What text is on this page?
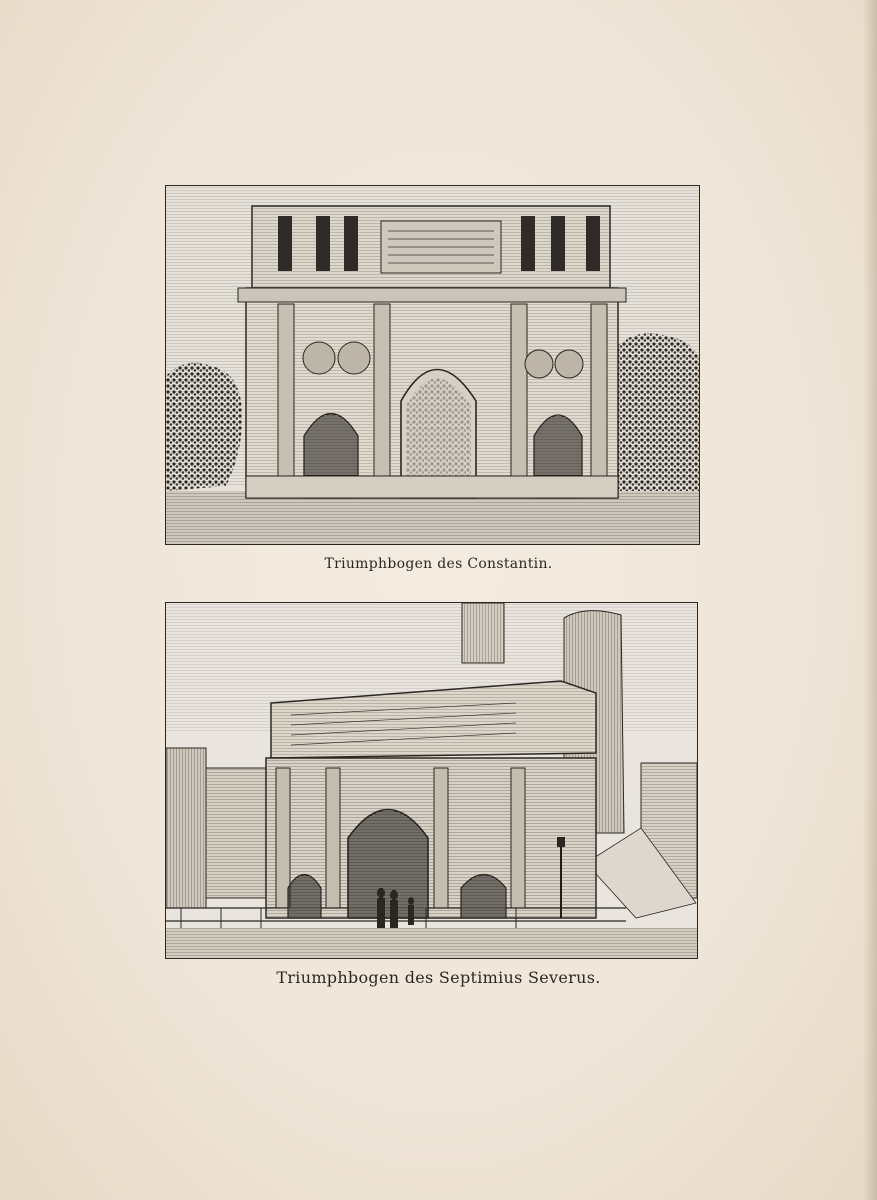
Triumphbogen des Constantin.
Triumphbogen des Septimius Severus.
